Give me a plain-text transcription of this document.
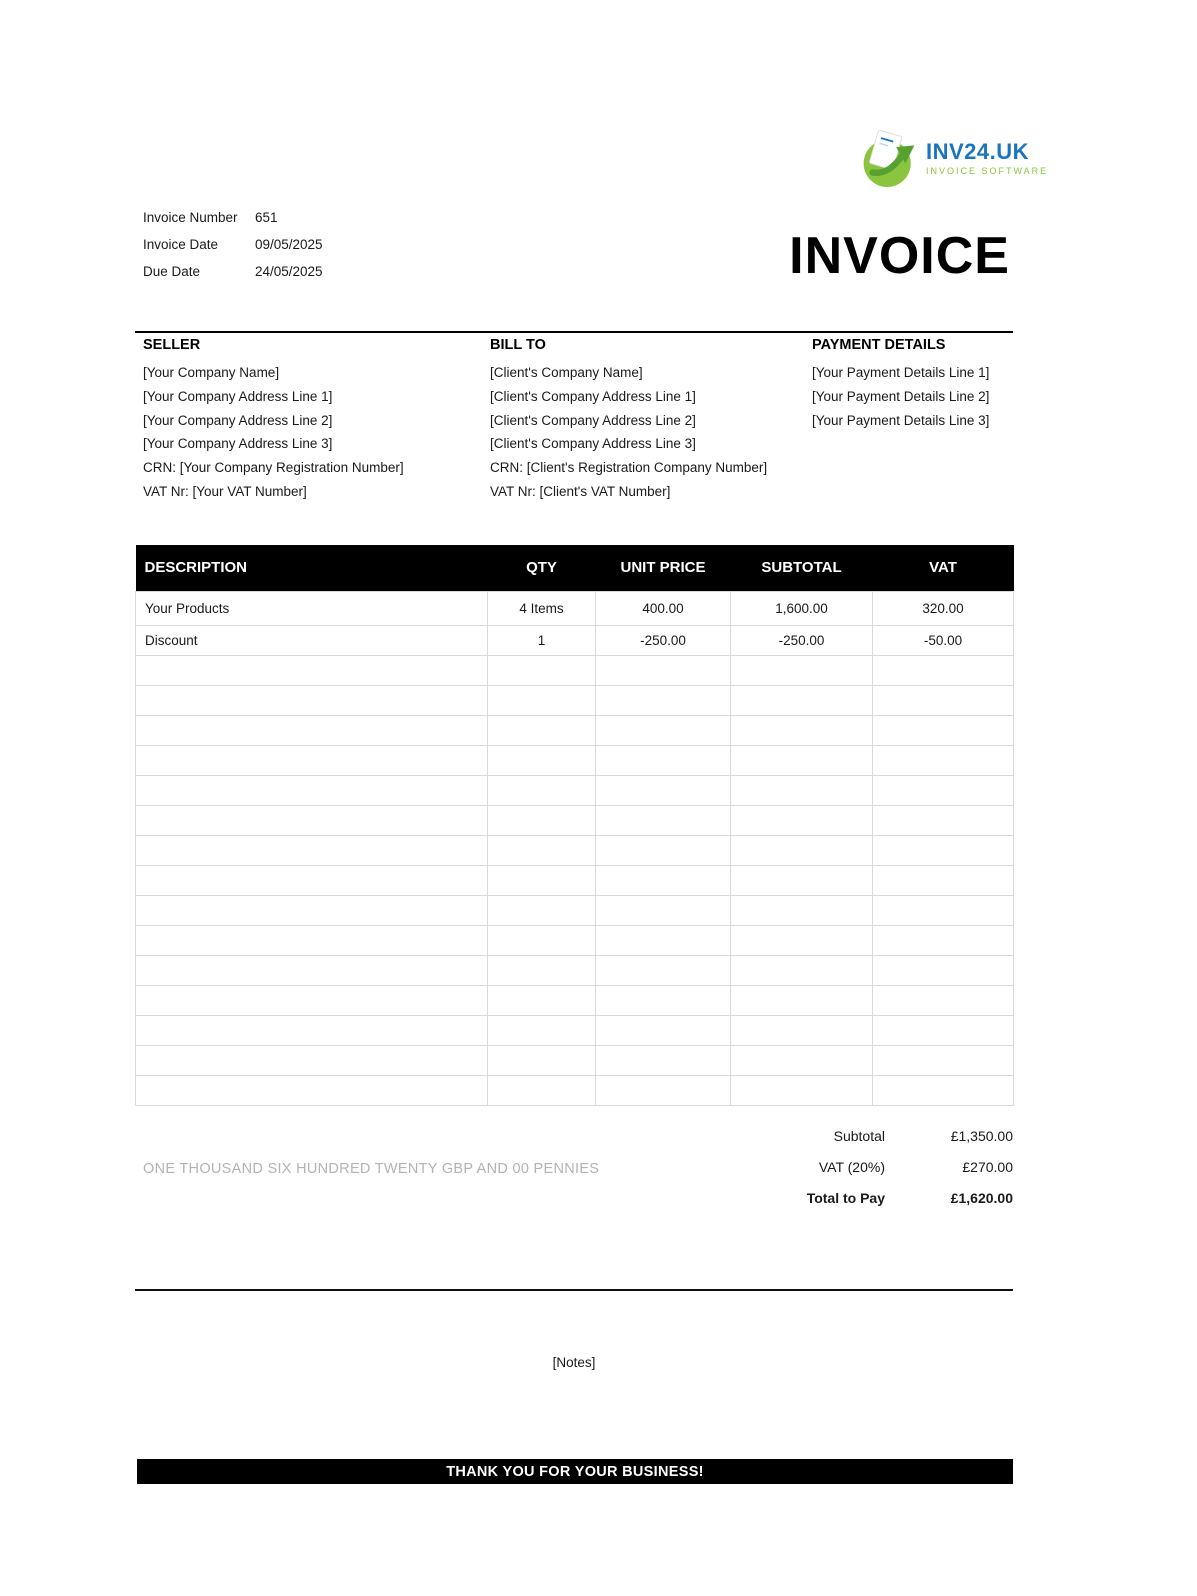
INV24.UK
INVOICE SOFTWARE
Invoice Number	651
Invoice Date	09/05/2025
Due Date	24/05/2025	INVOICE
SELLER
[Your Company Name]
[Your Company Address Line 1]
[Your Company Address Line 2]
[Your Company Address Line 3]
CRN: [Your Company Registration Number]
VAT Nr: [Your VAT Number]
BILL TO
[Client's Company Name]
[Client's Company Address Line 1]
[Client's Company Address Line 2]
[Client's Company Address Line 3]
CRN: [Client's Registration Company Number]
VAT Nr: [Client's VAT Number]
PAYMENT DETAILS
[Your Payment Details Line 1]
[Your Payment Details Line 2]
[Your Payment Details Line 3]
DESCRIPTION	QTY	UNIT PRICE	SUBTOTAL	VAT
Your Products	4 Items	400.00	1,600.00	320.00
Discount	1	-250.00	-250.00	-50.00

Subtotal	£1,350.00
VAT (20%)	£270.00
Total to Pay	£1,620.00
ONE THOUSAND SIX HUNDRED TWENTY GBP AND 00 PENNIES
[Notes]
THANK YOU FOR YOUR BUSINESS!
